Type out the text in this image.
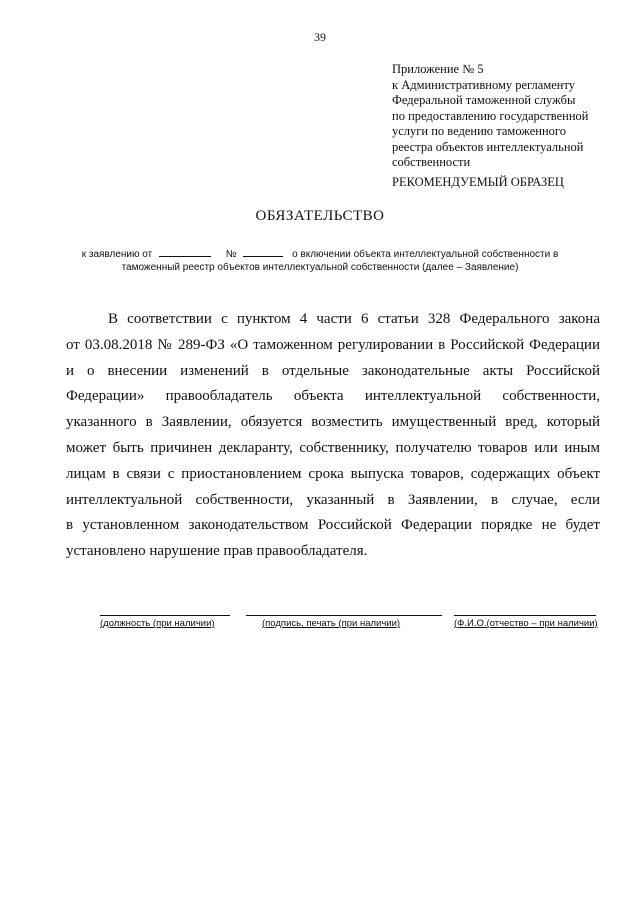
39
Приложение № 5
к Административному регламенту
Федеральной таможенной службы
по предоставлению государственной
услуги по ведению таможенного
реестра объектов интеллектуальной
собственности
РЕКОМЕНДУЕМЫЙ ОБРАЗЕЦ
ОБЯЗАТЕЛЬСТВО
к заявлению от	№	о включении объекта интеллектуальной собственности в
таможенный реестр объектов интеллектуальной собственности (далее – Заявление)
В соответствии с пунктом 4 части 6 статьи 328 Федерального закона
от 03.08.2018 № 289-ФЗ «О таможенном регулировании в Российской Федерации
и о внесении изменений в отдельные законодательные акты Российской
Федерации» правообладатель объекта интеллектуальной собственности,
указанного в Заявлении, обязуется возместить имущественный вред, который
может быть причинен декларанту, собственнику, получателю товаров или иным
лицам в связи с приостановлением срока выпуска товаров, содержащих объект
интеллектуальной собственности, указанный в Заявлении, в случае, если
в установленном законодательством Российской Федерации порядке не будет
установлено нарушение прав правообладателя.
(должность (при наличии)	(подпись, печать (при наличии)	(Ф.И.О.(отчество – при наличии)
